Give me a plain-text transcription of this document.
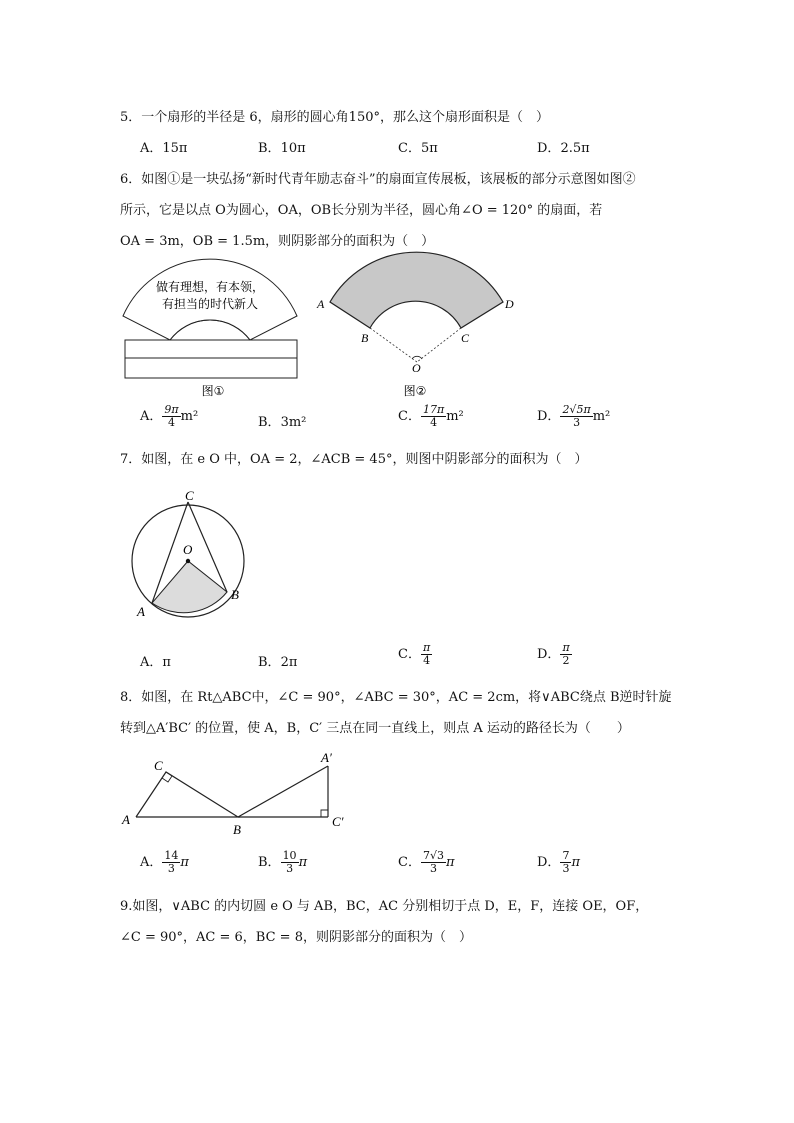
5．一个扇形的半径是 6，扇形的圆心角150°，那么这个扇形面积是（　）
A．15π	B．10π	C．5π	D．2.5π
6．如图①是一块弘扬“新时代青年励志奋斗”的扇面宣传展板，该展板的部分示意图如图②
所示，它是以点 O为圆心，OA，OB长分别为半径，圆心角∠O = 120° 的扇面，若
OA = 3m，OB = 1.5m，则阴影部分的面积为（　）
做有理想，有本领，
有担当的时代新人
图①
A	D
B	C
O
图②
A． $\frac{9\pi}{4} m^2$	B．3m²	C． $\frac{17\pi}{4} m^2$	D． $\frac{2√5\pi}{3} m^2$
7．如图，在 e O 中，OA = 2，∠ACB = 45°，则图中阴影部分的面积为（　）
C
O
A
B
A．π	B．2π
C． $\frac{\pi}{4}$	D． $\frac{\pi}{2}$
8．如图，在 Rt△ABC中，∠C = 90°，∠ABC = 30°，AC = 2cm，将∨ABC绕点 B逆时针旋
转到△A′BC′ 的位置，使 A，B，C′ 三点在同一直线上，则点 A 运动的路径长为（　　）
C
A
B
A′
C′
A． $\frac{14}{3}$ π	B． $\frac{10}{3}$ π	C． $\frac{7√3}{3}$ π	D． $\frac{7}{3}$ π
9.如图，∨ABC 的内切圆 e O 与 AB，BC，AC 分别相切于点 D，E，F，连接 OE，OF，
∠C = 90°，AC = 6，BC = 8，则阴影部分的面积为（　）
